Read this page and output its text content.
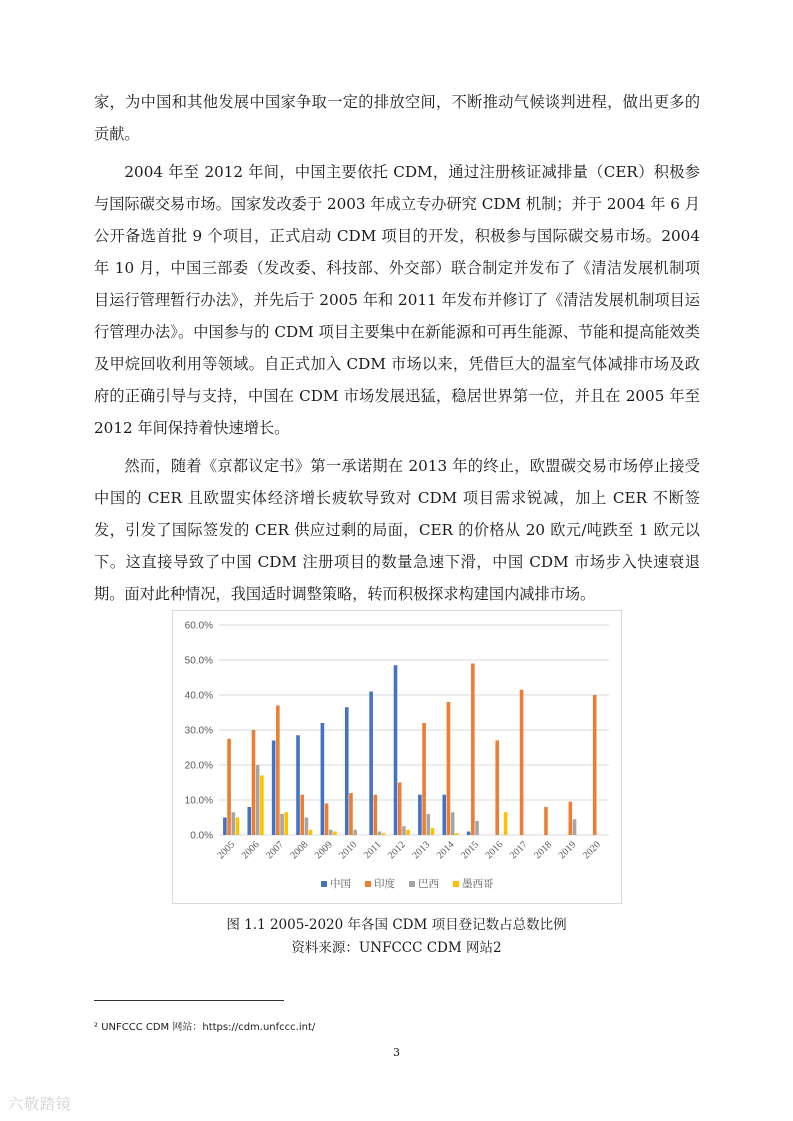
家，为中国和其他发展中国家争取一定的排放空间，不断推动气候谈判进程，做出更多的贡献。

2004 年至 2012 年间，中国主要依托 CDM，通过注册核证减排量（CER）积极参与国际碳交易市场。国家发改委于 2003 年成立专办研究 CDM 机制；并于 2004 年 6 月公开备选首批 9 个项目，正式启动 CDM 项目的开发，积极参与国际碳交易市场。2004 年 10 月，中国三部委（发改委、科技部、外交部）联合制定并发布了《清洁发展机制项目运行管理暂行办法》，并先后于 2005 年和 2011 年发布并修订了《清洁发展机制项目运行管理办法》。中国参与的 CDM 项目主要集中在新能源和可再生能源、节能和提高能效类及甲烷回收利用等领域。自正式加入 CDM 市场以来，凭借巨大的温室气体减排市场及政府的正确引导与支持，中国在 CDM 市场发展迅猛，稳居世界第一位，并且在 2005 年至 2012 年间保持着快速增长。

然而，随着《京都议定书》第一承诺期在 2013 年的终止，欧盟碳交易市场停止接受中国的 CER 且欧盟实体经济增长疲软导致对 CDM 项目需求锐减，加上 CER 不断签发，引发了国际签发的 CER 供应过剩的局面，CER 的价格从 20 欧元/吨跌至 1 欧元以下。这直接导致了中国 CDM 注册项目的数量急速下滑，中国 CDM 市场步入快速衰退期。面对此种情况，我国适时调整策略，转而积极探求构建国内减排市场。

0.0%
10.0%
20.0%
30.0%
40.0%
50.0%
60.0%
2005 2006 2007 2008 2009 2010 2011 2012 2013 2014 2015 2016 2017 2018 2019 2020
中国 印度 巴西 墨西哥
图 1.1 2005-2020 年各国 CDM 项目登记数占总数比例
资料来源：UNFCCC CDM 网站2
² UNFCCC CDM 网站：https://cdm.unfccc.int/
3
六敬踏镜
